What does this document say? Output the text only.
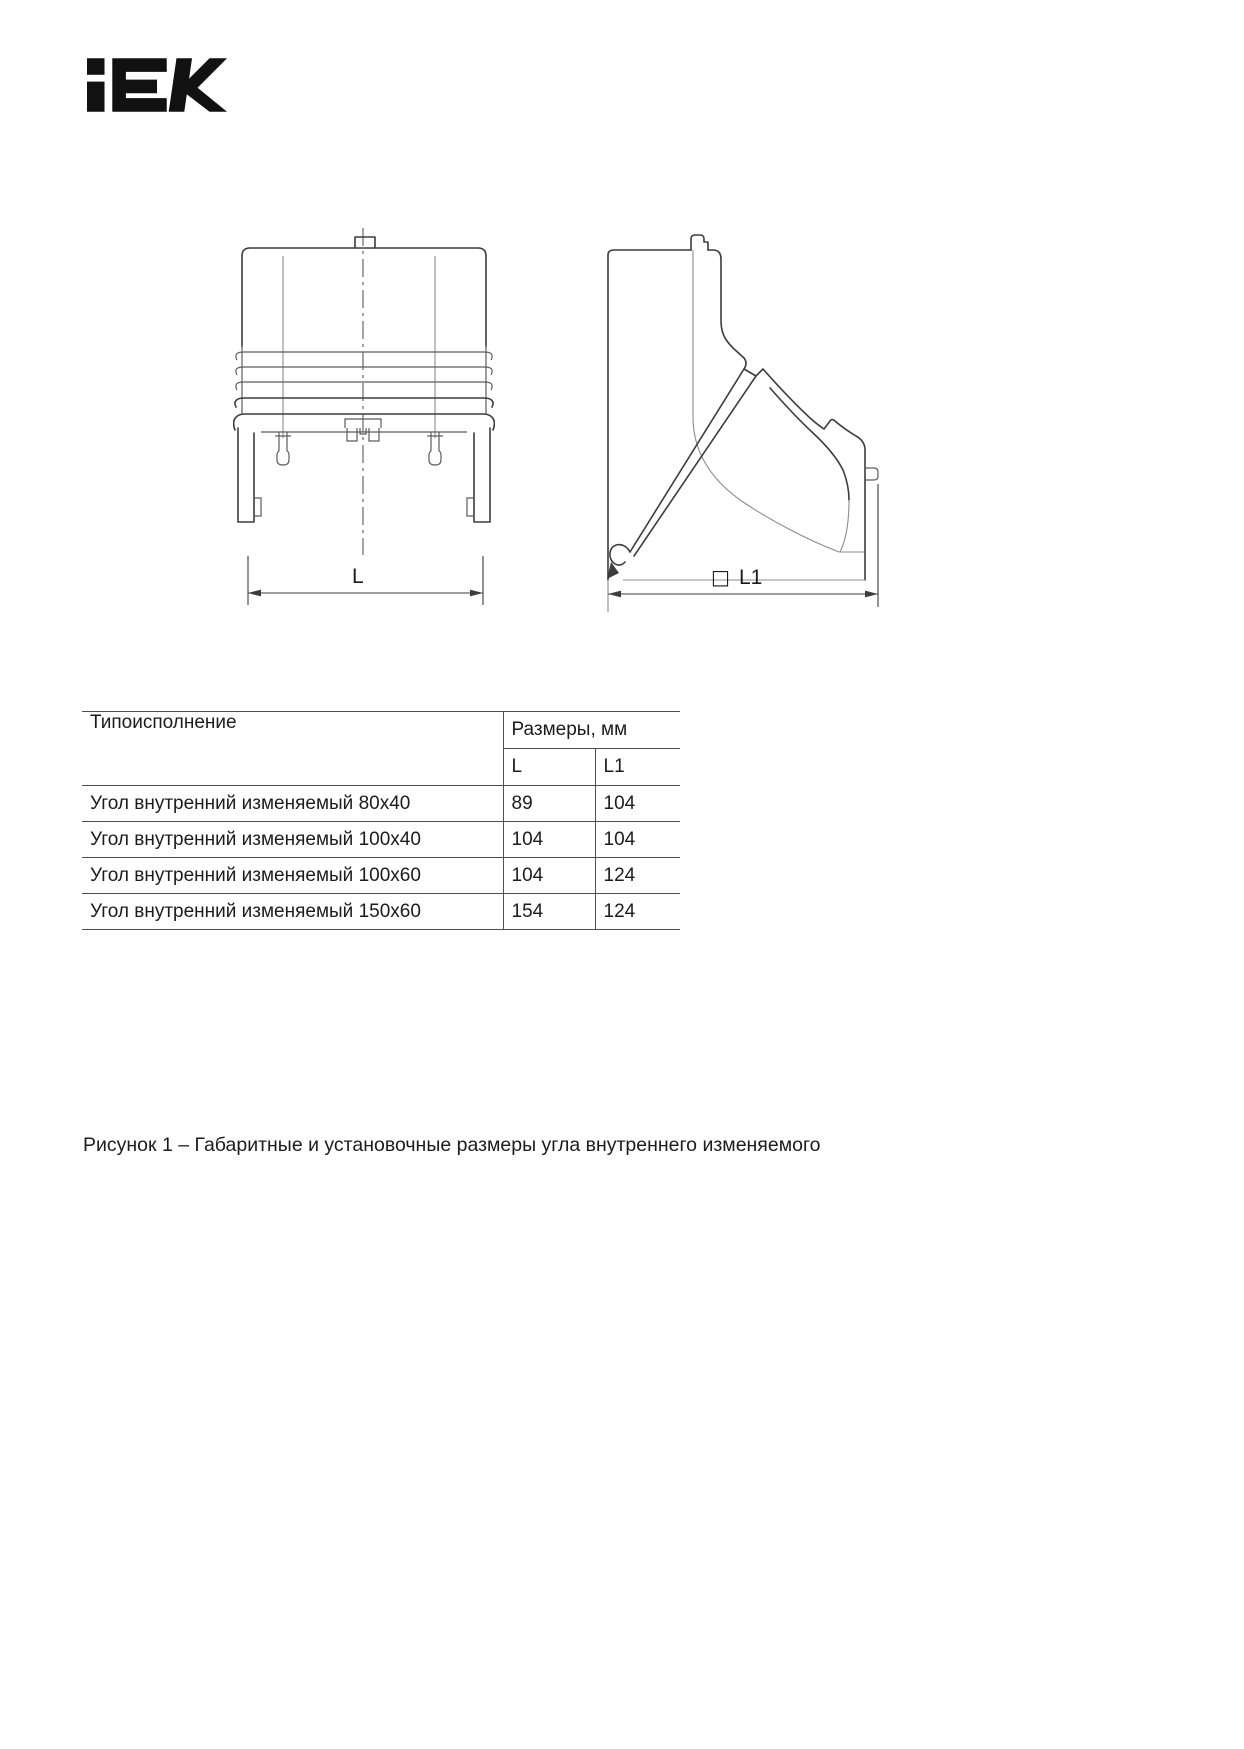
L	□ L1
Типоисполнение	Размеры, мм	
	L	L1
Угол внутренний изменяемый 80x40	89	104
Угол внутренний изменяемый 100x40	104	104
Угол внутренний изменяемый 100x60	104	124
Угол внутренний изменяемый 150x60	154	124

Рисунок 1 – Габаритные и установочные размеры угла внутреннего изменяемого
